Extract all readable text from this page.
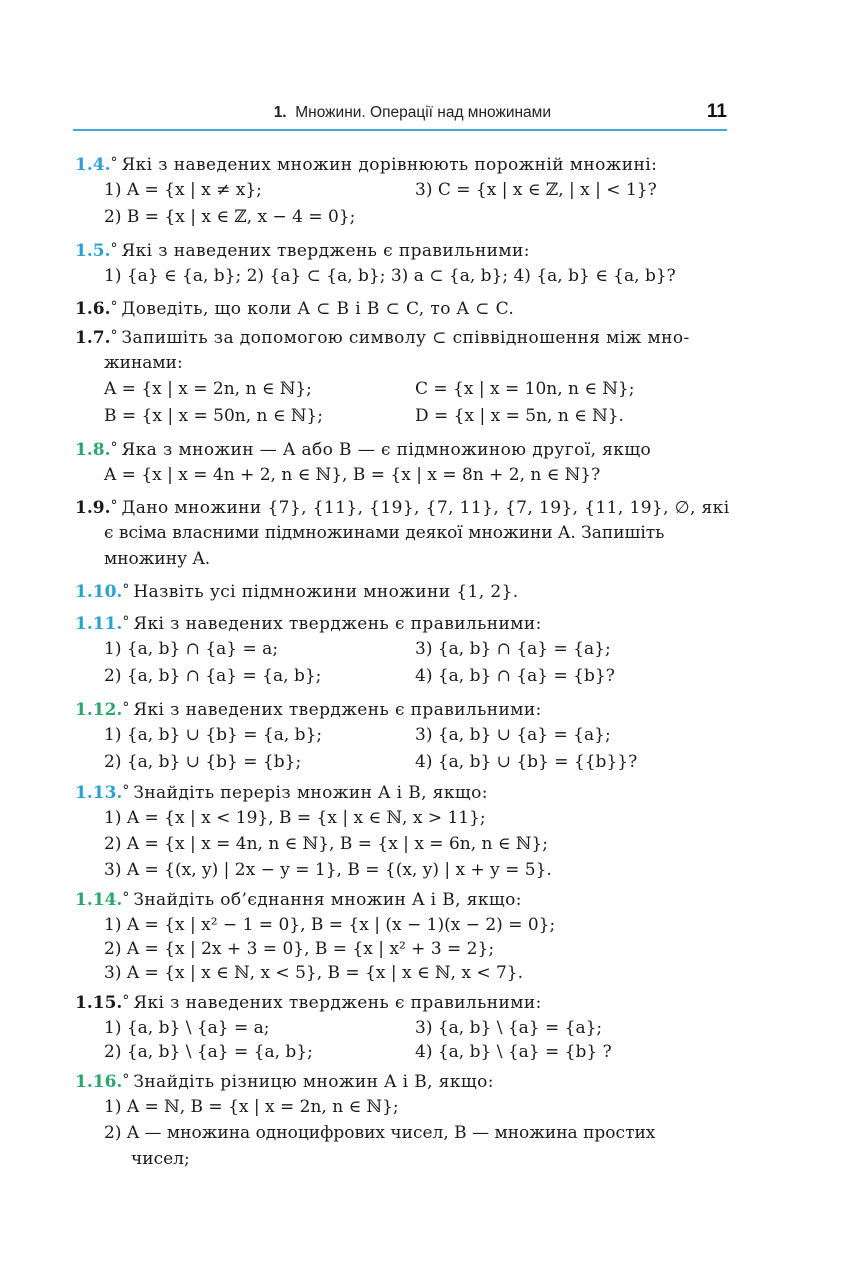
1. Множини. Операції над множинами	11
1.4.° Які з наведених множин дорівнюють порожній множині:
1) A = {x | x ≠ x};	3) C = {x | x ∈ ℤ, | x | < 1}?
2) B = {x | x ∈ ℤ, x − 4 = 0};
1.5.° Які з наведених тверджень є правильними:
1) {a} ∈ {a, b}; 2) {a} ⊂ {a, b}; 3) a ⊂ {a, b}; 4) {a, b} ∈ {a, b}?
1.6.° Доведіть, що коли A ⊂ B і B ⊂ C, то A ⊂ C.
1.7.° Запишіть за допомогою символу ⊂ співвідношення між мно-
жинами:
A = {x | x = 2n, n ∈ ℕ};	C = {x | x = 10n, n ∈ ℕ};
B = {x | x = 50n, n ∈ ℕ};	D = {x | x = 5n, n ∈ ℕ}.
1.8.° Яка з множин — A або B — є підмножиною другої, якщо
A = {x | x = 4n + 2, n ∈ ℕ}, B = {x | x = 8n + 2, n ∈ ℕ}?
1.9.° Дано множини {7}, {11}, {19}, {7, 11}, {7, 19}, {11, 19}, ∅, які
є всіма власними підмножинами деякої множини A. Запишіть
множину A.
1.10.° Назвіть усі підмножини множини {1, 2}.
1.11.° Які з наведених тверджень є правильними:
1) {a, b} ∩ {a} = a;	3) {a, b} ∩ {a} = {a};
2) {a, b} ∩ {a} = {a, b};	4) {a, b} ∩ {a} = {b}?
1.12.° Які з наведених тверджень є правильними:
1) {a, b} ∪ {b} = {a, b};	3) {a, b} ∪ {a} = {a};
2) {a, b} ∪ {b} = {b};	4) {a, b} ∪ {b} = {{b}}?
1.13.° Знайдіть переріз множин A і B, якщо:
1) A = {x | x < 19}, B = {x | x ∈ ℕ, x > 11};
2) A = {x | x = 4n, n ∈ ℕ}, B = {x | x = 6n, n ∈ ℕ};
3) A = {(x, y) | 2x − y = 1}, B = {(x, y) | x + y = 5}.
1.14.° Знайдіть об’єднання множин A і B, якщо:
1) A = {x | x² − 1 = 0}, B = {x | (x − 1)(x − 2) = 0};
2) A = {x | 2x + 3 = 0}, B = {x | x² + 3 = 2};
3) A = {x | x ∈ ℕ, x < 5}, B = {x | x ∈ ℕ, x < 7}.
1.15.° Які з наведених тверджень є правильними:
1) {a, b} \ {a} = a;	3) {a, b} \ {a} = {a};
2) {a, b} \ {a} = {a, b};	4) {a, b} \ {a} = {b} ?
1.16.° Знайдіть різницю множин A і B, якщо:
1) A = ℕ, B = {x | x = 2n, n ∈ ℕ};
2) A — множина одноцифрових чисел, B — множина простих
чисел;
